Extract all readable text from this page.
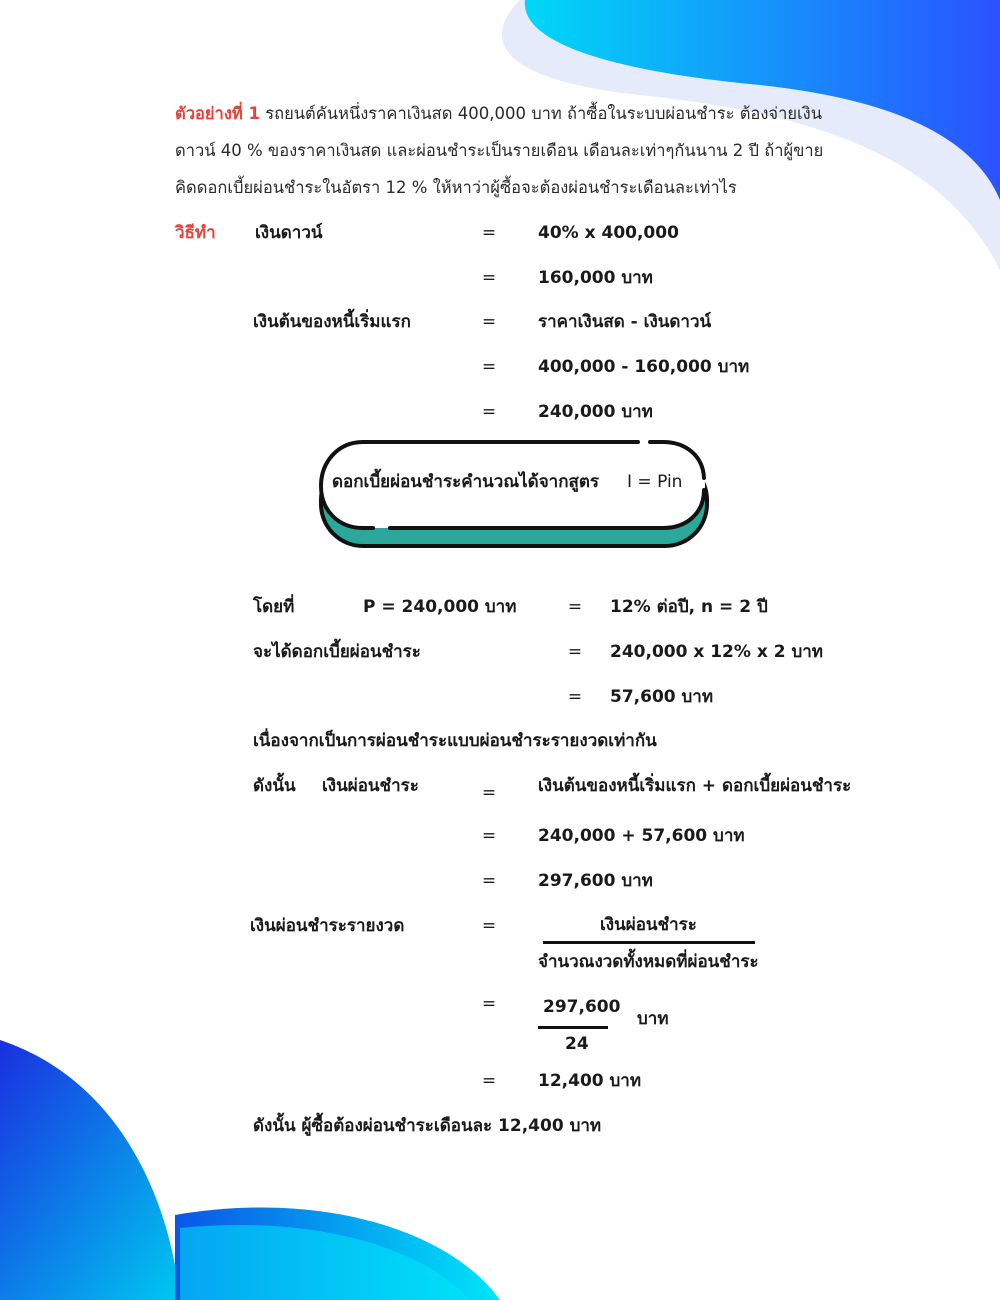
ตัวอย่างที่ 1 รถยนต์คันหนึ่งราคาเงินสด 400,000 บาท ถ้าซื้อในระบบผ่อนชำระ ต้องจ่ายเงิน
ดาวน์ 40 % ของราคาเงินสด และผ่อนชำระเป็นรายเดือน เดือนละเท่าๆกันนาน 2 ปี ถ้าผู้ขาย
คิดดอกเบี้ยผ่อนชำระในอัตรา 12 % ให้หาว่าผู้ซื้อจะต้องผ่อนชำระเดือนละเท่าไร
วิธีทำ เงินดาวน์	= 40% x 400,000
= 160,000 บาท
เงินต้นของหนี้เริ่มแรก	= ราคาเงินสด - เงินดาวน์
= 400,000 - 160,000 บาท
= 240,000 บาท
ดอกเบี้ยผ่อนชำระคำนวณได้จากสูตร I = Pin
โดยที่	P = 240,000 บาท	= 12% ต่อปี, n = 2 ปี
จะได้ดอกเบี้ยผ่อนชำระ	= 240,000 x 12% x 2 บาท
= 57,600 บาท
เนื่องจากเป็นการผ่อนชำระแบบผ่อนชำระรายงวดเท่ากัน
ดังนั้น เงินผ่อนชำระ	= เงินต้นของหนี้เริ่มแรก + ดอกเบี้ยผ่อนชำระ
= 240,000 + 57,600 บาท
= 297,600 บาท
เงินผ่อนชำระรายงวด	=	เงินผ่อนชำระ
จำนวณงวดทั้งหมดที่ผ่อนชำระ
=	297,600
24
บาท
= 12,400 บาท
ดังนั้น ผู้ซื้อต้องผ่อนชำระเดือนละ 12,400 บาท
